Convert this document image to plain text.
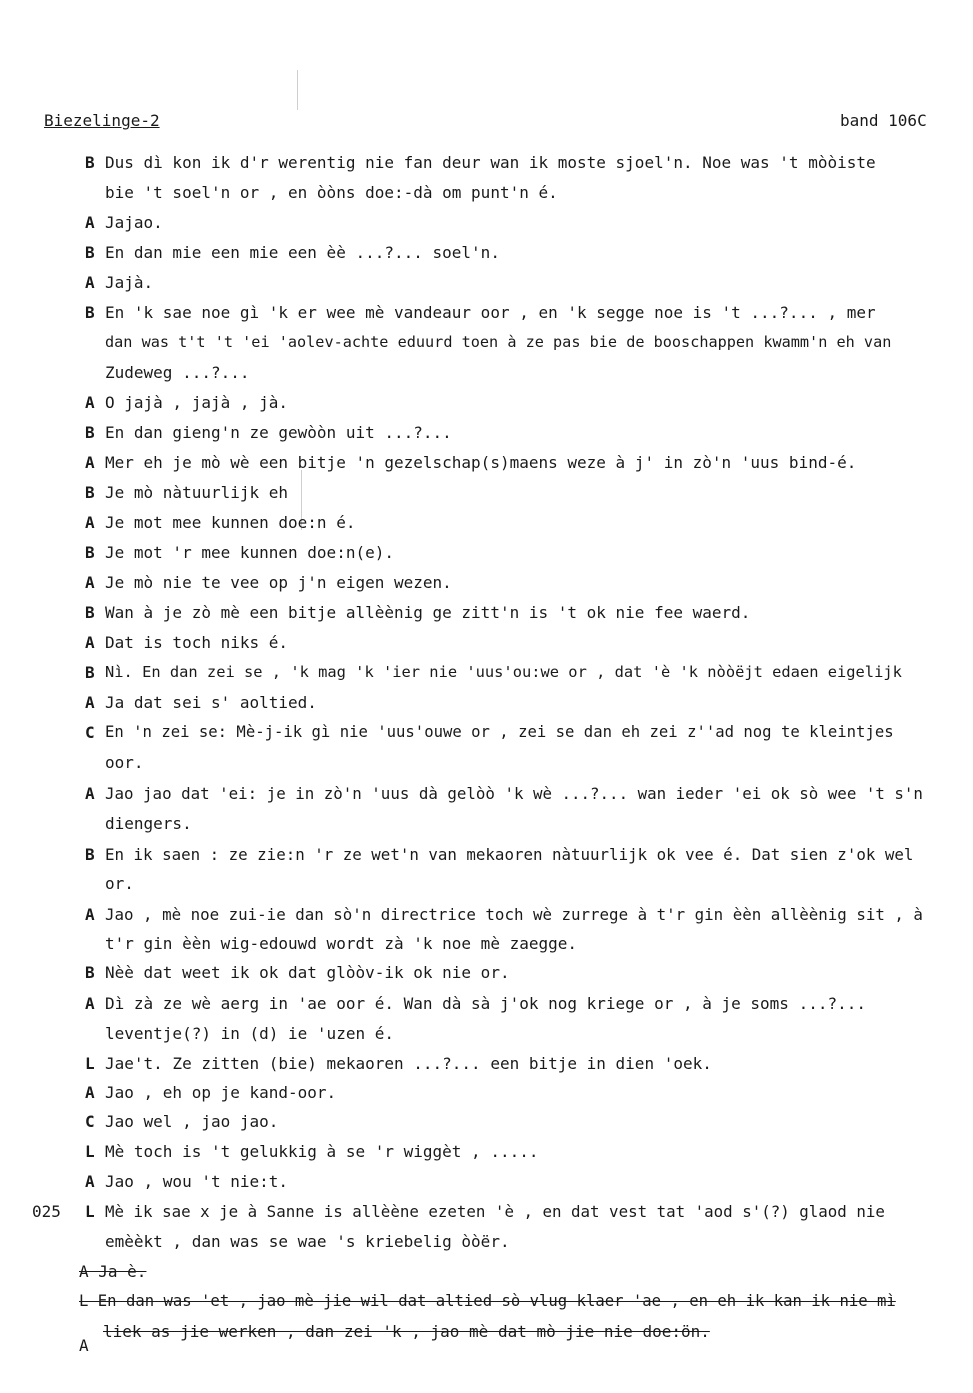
Biezelinge-2	band 106C
B Dus dì kon ik d'r werentig nie fan deur wan ik moste sjoel'n. Noe was 't mòòiste
bie 't soel'n or , en òòns doe:-dà om punt'n é.
A Jajao.
B En dan mie een mie een èè ...?... soel'n.
A Jajà.
B En 'k sae noe gì 'k er wee mè vandeaur oor , en 'k segge noe is 't ...?... , mer
dan was t't 't 'ei 'aolev-achte eduurd toen à ze pas bie de booschappen kwamm'n eh van
Zudeweg ...?...
A O jajà , jajà , jà.
B En dan gieng'n ze gewòòn uit ...?...
A Mer eh je mò wè een bitje 'n gezelschap(s)maens weze à j' in zò'n 'uus bind-é.
B Je mò nàtuurlijk eh
A Je mot mee kunnen doe:n é.
B Je mot 'r mee kunnen doe:n(e).
A Je mò nie te vee op j'n eigen wezen.
B Wan à je zò mè een bitje allèènig ge zitt'n is 't ok nie fee waerd.
A Dat is toch niks é.
B Nì. En dan zei se , 'k mag 'k 'ier nie 'uus'ou:we or , dat 'è 'k nòòëjt edaen eigelijk
A Ja dat sei s' aoltied.
C En 'n zei se: Mè-j-ik gì nie 'uus'ouwe or , zei se dan eh zei z''ad nog te kleintjes
oor.
A Jao jao dat 'ei: je in zò'n 'uus dà gelòò 'k wè ...?... wan ieder 'ei ok sò wee 't s'n
diengers.
B En ik saen : ze zie:n 'r ze wet'n van mekaoren nàtuurlijk ok vee é. Dat sien z'ok wel
or.
A Jao , mè noe zui-ie dan sò'n directrice toch wè zurrege à t'r gin èèn allèènig sit , à
t'r gin èèn wig-edouwd wordt zà 'k noe mè zaegge.
B Nèè dat weet ik ok dat glòòv-ik ok nie or.
A Dì zà ze wè aerg in 'ae oor é. Wan dà sà j'ok nog kriege or , à je soms ...?...
leventje(?) in (d) ie 'uzen é.
L Jae't. Ze zitten (bie) mekaoren ...?... een bitje in dien 'oek.
A Jao , eh op je kand-oor.
C Jao wel , jao jao.
L Mè toch is 't gelukkig à se 'r wiggèt , .....
A Jao , wou 't nie:t.
025 L Mè ik sae x je à Sanne is allèène ezeten 'è , en dat vest tat 'aod s'(?) glaod nie
emèèkt , dan was se wae 's kriebelig òòër.
A Ja è.
L En dan was 'et , jao mè jie wil dat altied sò vlug klaer 'ae , en eh ik kan ik nie mì
liek as jie werken , dan zei 'k , jao mè dat mò jie nie doe:ön.
A
